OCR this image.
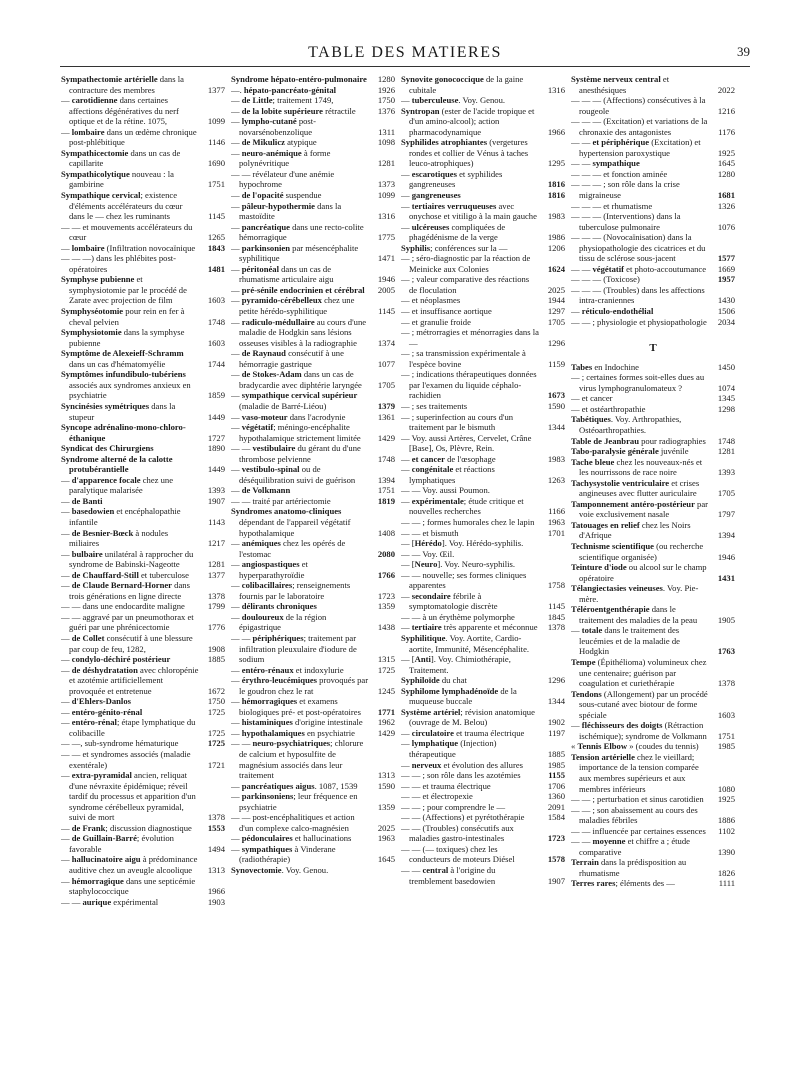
TABLE DES MATIERES	39
Sympathectomie artérielle dans la contracture des membres	1377
— carotidienne dans certaines affections dégénératives du nerf optique et de la rétine. 1075,	1099
— lombaire dans un œdème chronique post-phlébitique	1146
Sympathicectomie dans un cas de capillarite	1690
Sympathicolytique nouveau : la gambirine	1751
Sympathique cervical; existence d'éléments accélérateurs du cœur dans le — chez les ruminants	1145
— — et mouvements accélérateurs du cœur	1265
— lombaire (Infiltration novocaïnique 1843
— — —) dans les phlébites post-opératoires	1481
Symphyse pubienne et symphysiotomie par le procédé de Zarate avec projection de film	1603
Symphyséotomie pour rein en fer à cheval pelvien	1748
Symphysiotomie dans la symphyse pubienne	1603
Symptôme de Alexeieff-Schramm dans un cas d'hématomyélie	1744
Symptômes infundibulo-tubériens associés aux syndromes anxieux en psychiatrie	1859
Syncinésies symétriques dans la stupeur	1449
Syncope adrénalino-mono-chloro-éthanique	1727
Syndicat des Chirurgiens	1890
Syndrome alterné de la calotte protubérantielle	1449
— d'apparence focale chez une paralytique malarisée	1393
— de Banti	1907
— basedowien et encéphalopathie infantile	1143
— de Besnier-Bœck à nodules miliaires	1217
— bulbaire unilatéral à rapprocher du syndrome de Babinski-Nageotte	1281
— de Chauffard-Still et tuberculose 1377
— de Claude Bernard-Horner dans trois générations en ligne directe	1378
— — dans une endocardite maligne	1799
— — aggravé par un pneumothorax et guéri par une phrénicectomie	1776
— de Collet consécutif à une blessure par coup de feu, 1282,	1908
— condylo-déchiré postérieur	1885
— de déshydratation avec chloropénie et azotémie artificiellement provoquée et entretenue	1672
— d'Ehlers-Danlos	1750
— entéro-génito-rénal	1725
— entéro-rénal; étape lymphatique du colibacille	1725
— —, sub-syndrome hématurique	1725
— — et syndromes associés (maladie exentérale)	1721
— extra-pyramidal ancien, reliquat d'une névraxite épidémique; réveil tardif du processus et apparition d'un syndrome cérébelleux pyramidal, suivi de mort	1378
— de Frank; discussion diagnostique 1553
— de Guillain-Barré; évolution favorable	1494
— hallucinatoire aigu à prédominance auditive chez un aveugle alcoolique 1313
— hémorragique dans une septicémie staphylococcique	1966
— — aurique expérimental	1903
Syndrome hépato-entéro-pulmonaire 1280
—. hépato-pancréato-génital	1926
— de Little; traitement 1749,	1750
— de la lobite supérieure rétractile	1376
— lympho-cutané post-novarsénobenzolique	1311
— de Mikulicz atypique	1098
— neuro-anémique à forme polynévritique	1281
— — révélateur d'une anémie hypochrome	1373
— de l'opacité suspendue	1099
— pâleur-hypothermie dans la mastoïdite	1316
— pancréatique dans une recto-colite hémorragique	1775
— parkinsonien par mésencéphalite syphilitique	1471
— péritonéal dans un cas de rhumatisme articulaire aigu	1946
— pré-sénile endocrinien et cérébral 2005
— pyramido-cérébelleux chez une petite hérédo-syphilitique	1145
— radiculo-médullaire au cours d'une maladie de Hodgkin sans lésions osseuses visibles à la radiographie 1374
— de Raynaud consécutif à une hémorragie gastrique	1077
— de Stokes-Adam dans un cas de bradycardie avec diphtérie laryngée 1705
— sympathique cervical supérieur (maladie de Barré-Liéou)	1379
— vaso-moteur dans l'acrodynie	1361
— végétatif; méningo-encéphalite hypothalamique strictement limitée 1429
— — vestibulaire du gérant du d'une thrombose pelvienne	1748
— vestibulo-spinal ou de déséquilibration suivi de guérison	1394
— de Volkmann	1751
— — traité par artériectomie	1819
Syndromes anatomo-cliniques dépendant de l'appareil végétatif hypothalamique	1408
— anémiques chez les opérés de l'estomac	2080
— angiospastiques et hyperparathyroïdie	1766
— colibacillaires; renseignements fournis par le laboratoire	1723
— délirants chroniques	1359
— douloureux de la région épigastrique	1438
— — périphériques; traitement par infiltration pleuxulaire d'iodure de sodium	1315
— entéro-rénaux et indoxylurie	1725
— érythro-leucémiques provoqués par le goudron chez le rat	1245
— hémorragiques et examens biologiques pré- et post-opératoires 1771
— histaminiques d'origine intestinale 1962
— hypothalamiques en psychiatrie	1429
— — neuro-psychiatriques; chlorure de calcium et hyposulfite de magnésium associés dans leur traitement	1313
— pancréatiques aigus. 1087, 1539 1590
— parkinsoniens; leur fréquence en psychiatrie	1359
— — post-encéphalitiques et action d'un complexe calco-magnésien	2025
— pédonculaires et hallucinations	1963
— sympathiques à Vinderane (radiothérapie)	1645
Synovectomie. Voy. Genou.
Synovite gonococcique de la gaine cubitale	1316
— tuberculeuse. Voy. Genou.
Syntropan (ester de l'acide tropique et d'un amino-alcool); action pharmacodynamique	1966
Syphilides atrophiantes (vergetures rondes et collier de Vénus à taches leuco-atrophiques)	1295
— escarotiques et syphilides gangreneuses	1816
— gangreneuses	1816
— tertiaires verruqueuses avec onychose et vitiligo à la main gauche 1983
— ulcéreuses compliquées de phagédénisme de la verge	1986
Syphilis; conférences sur la —	1206
— ; séro-diagnostic par la réaction de Meinicke aux Colonies	1624
— ; valeur comparative des réactions de floculation	2025
— et néoplasmes	1944
— et insuffisance aortique	1297
— et granulie froide	1705
— ; métrorragies et ménorragies dans la —	1296
— ; sa transmission expérimentale à l'espèce bovine	1159
— ; indications thérapeutiques données par l'examen du liquide céphalo-rachidien	1673
— ; ses traitements	1590
— ; superinfection au cours d'un traitement par le bismuth	1344
— Voy. aussi Artères, Cervelet, Crâne [Base], Os, Plèvre, Rein.
— et cancer de l'œsophage	1983
— congénitale et réactions lymphatiques	1263
— — Voy. aussi Poumon.
— expérimentale; étude critique et nouvelles recherches	1166
— — ; formes humorales chez le lapin 1963
— — et bismuth	1701
— [Hérédo]. Voy. Hérédo-syphilis.
— — Voy. Œil.
— [Neuro]. Voy. Neuro-syphilis.
— — nouvelle; ses formes cliniques apparentes	1758
— secondaire fébrile à symptomatologie discrète	1145
— — à un érythème polymorphe	1845
— tertiaire très apparente et méconnue 1378
Syphilitique. Voy. Aortite, Cardio-aortite, Immunité, Mésencéphalite.
— [Anti]. Voy. Chimiothérapie, Traitement.
Syphiloïde du chat	1296
Syphilome lymphadénoïde de la muqueuse buccale	1344
Système artériel; révision anatomique (ouvrage de M. Belou)	1902
— circulatoire et trauma électrique	1197
— lymphatique (Injection) thérapeutique	1885
— nerveux et évolution des allures	1985
— — ; son rôle dans les azotémies	1155
— — et trauma électrique	1706
— — et électropexie	1360
— — ; pour comprendre le —	2091
— — (Affections) et pyrétothérapie	1584
— — (Troubles) consécutifs aux maladies gastro-intestinales	1723
— — (— toxiques) chez les conducteurs de moteurs Diésel	1578
— — central à l'origine du tremblement basedowien	1907
Système nerveux central et anesthésiques	2022
— — — (Affections) consécutives à la rougeole	1216
— — — (Excitation) et variations de la chronaxie des antagonistes	1176
— — et périphérique (Excitation) et hypertension paroxystique	1925
— — sympathique	1645
— — — et fonction aminée	1280
— — — ; son rôle dans la crise migraineuse	1681
— — — et rhumatisme	1326
— — — (Interventions) dans la tuberculose pulmonaire	1076
— — — (Novocaïnisation) dans la physiopathologie des cicatrices et du tissu de sclérose sous-jacent	1577
— — végétatif et photo-accoutumance 1669
— — — (Toxicose)	1957
— — — (Troubles) dans les affections intra-craniennes	1430
— réticulo-endothélial	1506
— — ; physiologie et physiopathologie 2034
T
Tabes en Indochine	1450
— ; certaines formes soit-elles dues au virus lymphogranulomateux ?	1074
— et cancer	1345
— et ostéarthropathie	1298
Tabétiques. Voy. Arthropathies, Ostéoarthropathies.
Table de Jeanbrau pour radiographies 1748
Tabo-paralysie générale juvénile	1281
Tache bleue chez les nouveaux-nés et les nourrissons de race noire	1393
Tachysystolie ventriculaire et crises angineuses avec flutter auriculaire 1705
Tamponnement antéro-postérieur par voie exclusivement nasale	1797
Tatouages en relief chez les Noirs d'Afrique	1394
Technisme scientifique (ou recherche scientifique organisée)	1946
Teinture d'iode ou alcool sur le champ opératoire	1431
Télangiectasies veineuses. Voy. Pie-mère.
Téléroentgenthérapie dans le traitement des maladies de la peau 1905
— totale dans le traitement des leucémies et de la maladie de Hodgkin	1763
Tempe (Épithélioma) volumineux chez une centenaire; guérison par coagulation et curiethérapie	1378
Tendons (Allongement) par un procédé sous-cutané avec biotour de forme spéciale	1603
— fléchisseurs des doigts (Rétraction ischémique); syndrome de Volkmann 1751
« Tennis Elbow » (coudes du tennis) 1985
Tension artérielle chez le vieillard; importance de la tension comparée aux membres supérieurs et aux membres inférieurs	1080
— — ; perturbation et sinus carotidien 1925
— — ; son abaissement au cours des maladies fébriles	1886
— — influencée par certaines essences 1102
— — moyenne et chiffre a ; étude comparative	1390
Terrain dans la prédisposition au rhumatisme	1826
Terres rares; éléments des —	1111
